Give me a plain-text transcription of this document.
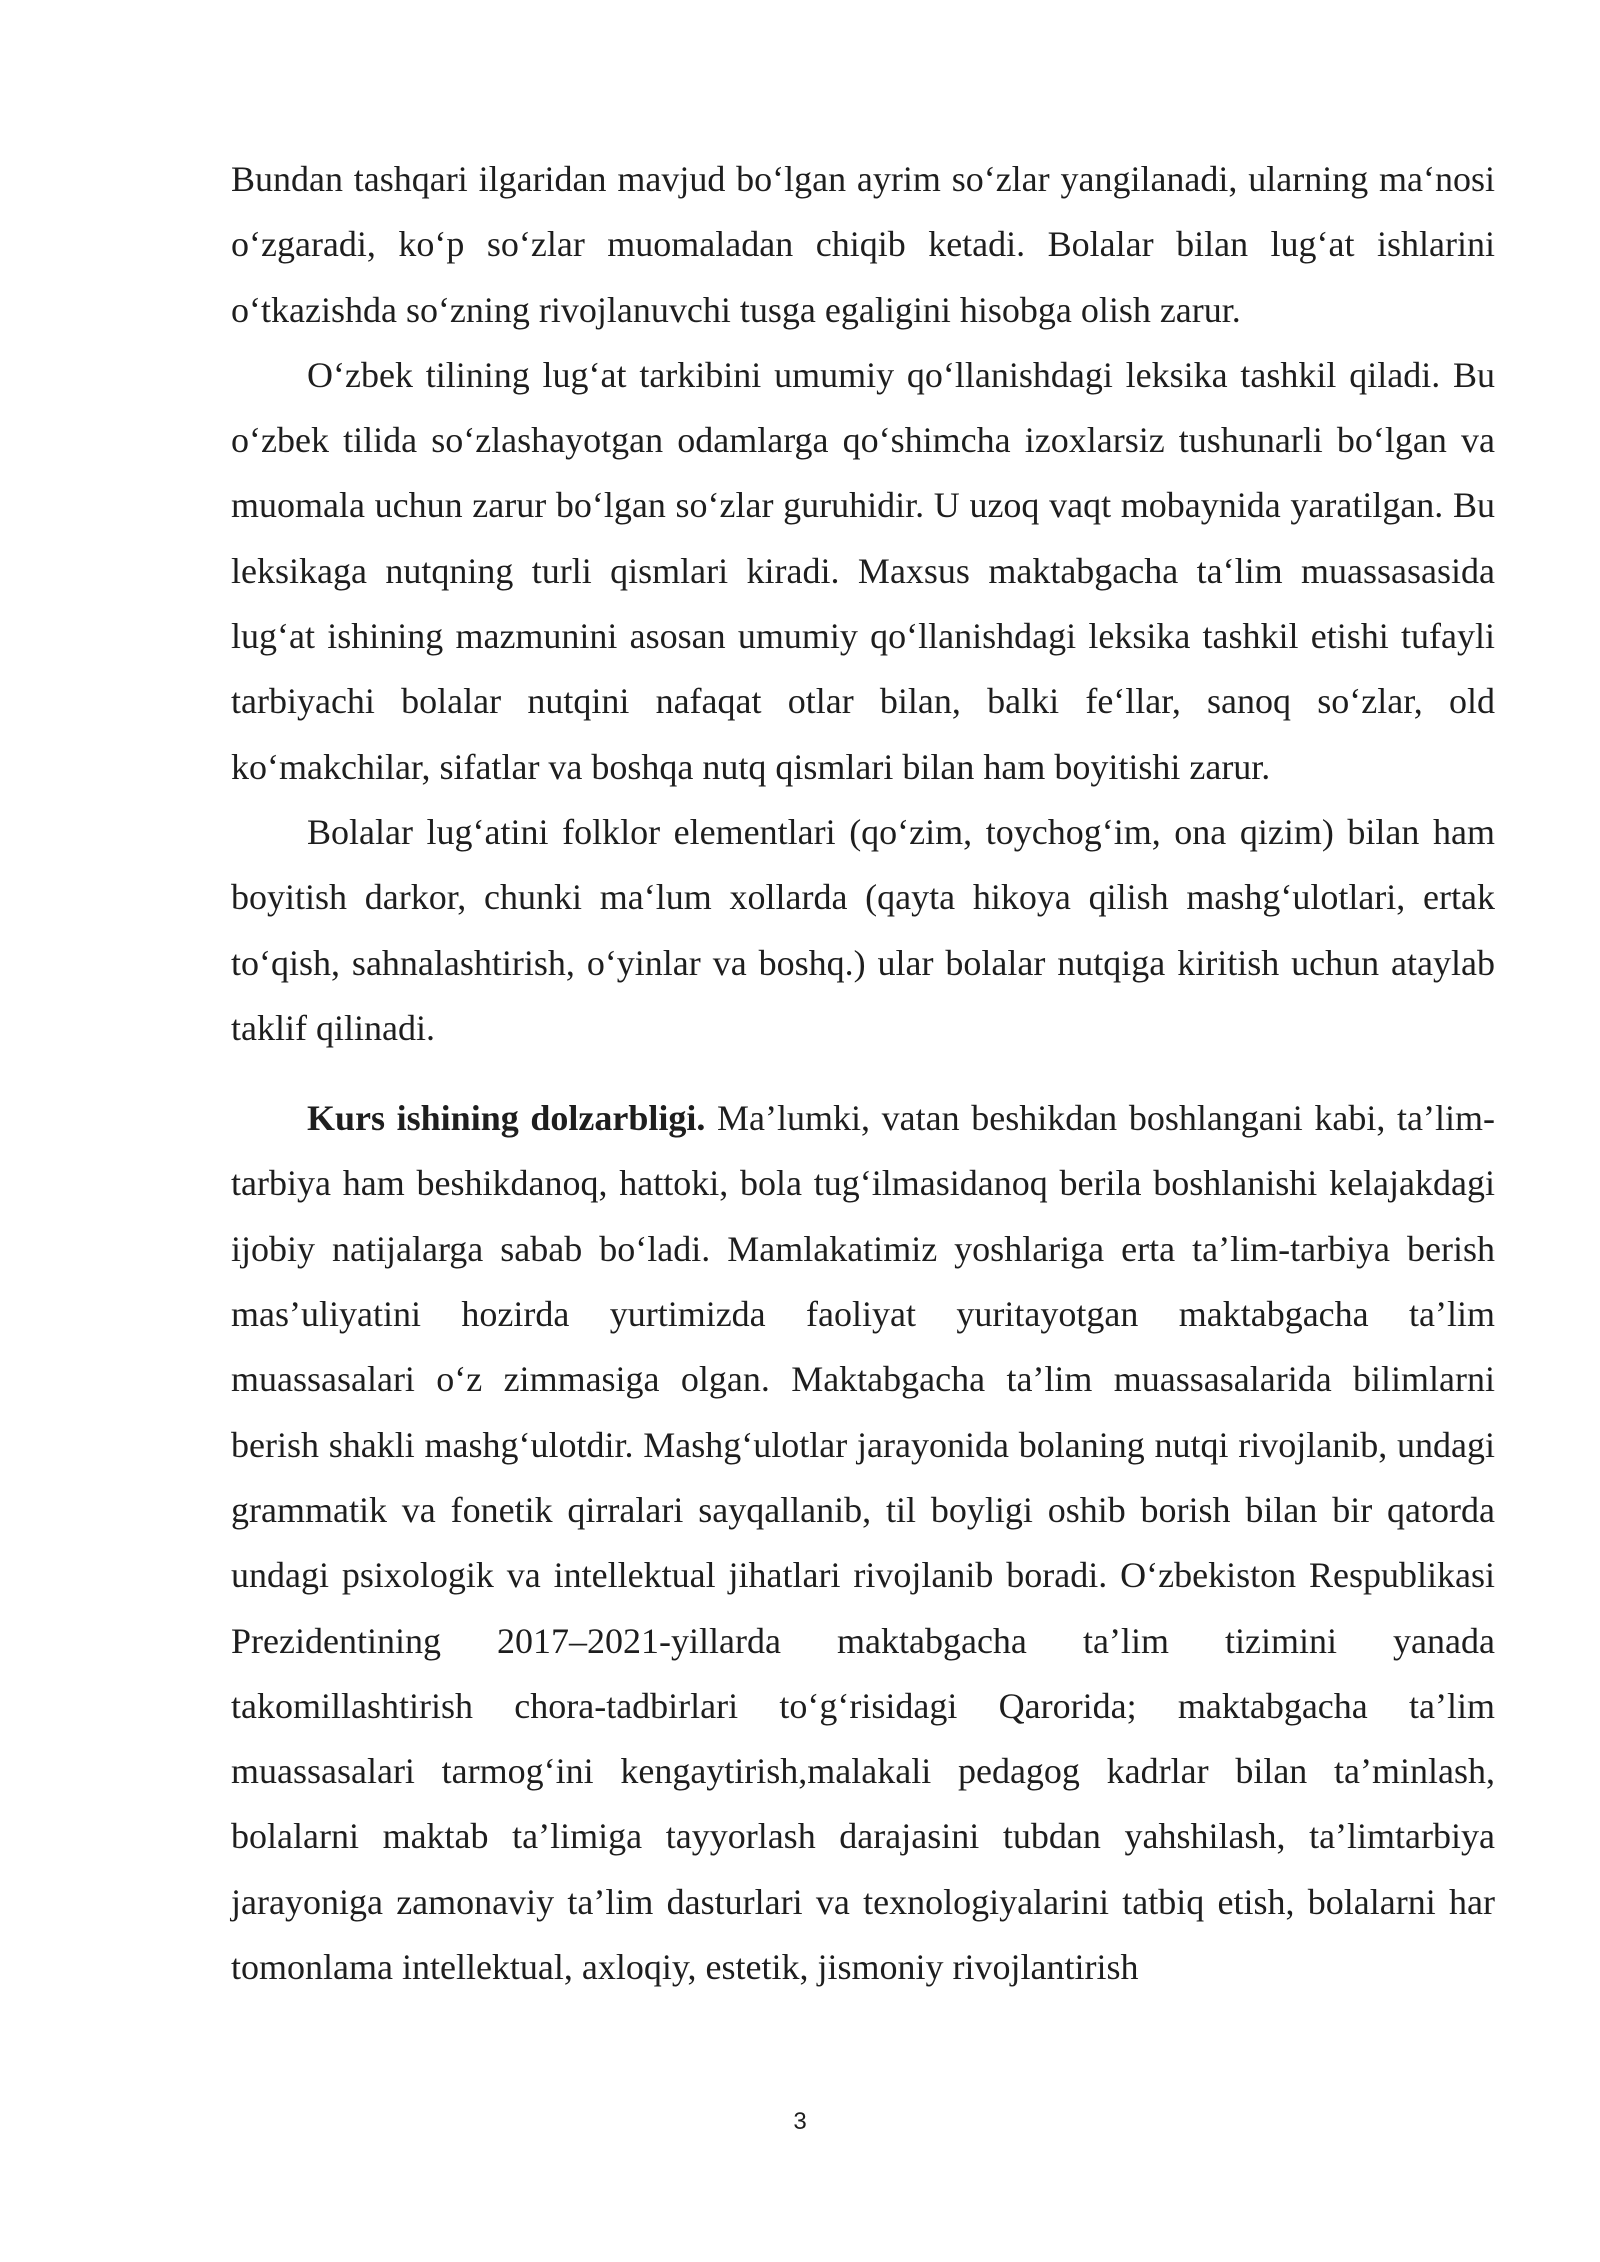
Bundan tashqari ilgaridan mavjud bo‘lgan ayrim so‘zlar yangilanadi, ularning ma‘nosi o‘zgaradi, ko‘p so‘zlar muomaladan chiqib ketadi. Bolalar bilan lug‘at ishlarini o‘tkazishda so‘zning rivojlanuvchi tusga egaligini hisobga olish zarur.

O‘zbek tilining lug‘at tarkibini umumiy qo‘llanishdagi leksika tashkil qiladi. Bu o‘zbek tilida so‘zlashayotgan odamlarga qo‘shimcha izoxlarsiz tushunarli bo‘lgan va muomala uchun zarur bo‘lgan so‘zlar guruhidir. U uzoq vaqt mobaynida yaratilgan. Bu leksikaga nutqning turli qismlari kiradi. Maxsus maktabgacha ta‘lim muassasasida lug‘at ishining mazmunini asosan umumiy qo‘llanishdagi leksika tashkil etishi tufayli tarbiyachi bolalar nutqini nafaqat otlar bilan, balki fe‘llar, sanoq so‘zlar, old ko‘makchilar, sifatlar va boshqa nutq qismlari bilan ham boyitishi zarur.

Bolalar lug‘atini folklor elementlari (qo‘zim, toychog‘im, ona qizim) bilan ham boyitish darkor, chunki ma‘lum xollarda (qayta hikoya qilish mashg‘ulotlari, ertak to‘qish, sahnalashtirish, o‘yinlar va boshq.) ular bolalar nutqiga kiritish uchun ataylab taklif qilinadi.

Kurs ishining dolzarbligi. Ma’lumki, vatan beshikdan boshlangani kabi, ta’lim-tarbiya ham beshikdanoq, hattoki, bola tug‘ilmasidanoq berila boshlanishi kelajakdagi ijobiy natijalarga sabab bo‘ladi. Mamlakatimiz yoshlariga erta ta’lim-tarbiya berish mas’uliyatini hozirda yurtimizda faoliyat yuritayotgan maktabgacha ta’lim muassasalari o‘z zimmasiga olgan. Maktabgacha ta’lim muassasalarida bilimlarni berish shakli mashg‘ulotdir. Mashg‘ulotlar jarayonida bolaning nutqi rivojlanib, undagi grammatik va fonetik qirralari sayqallanib, til boyligi oshib borish bilan bir qatorda undagi psixologik va intellektual jihatlari rivojlanib boradi. O‘zbekiston Respublikasi Prezidentining 2017–2021-yillarda maktabgacha ta’lim tizimini yanada takomillashtirish chora-tadbirlari to‘g‘risidagi Qarorida; maktabgacha ta’lim muassasalari tarmog‘ini kengaytirish,malakali pedagog kadrlar bilan ta’minlash, bolalarni maktab ta’limiga tayyorlash darajasini tubdan yahshilash, ta’limtarbiya jarayoniga zamonaviy ta’lim dasturlari va texnologiyalarini tatbiq etish, bolalarni har tomonlama intellektual, axloqiy, estetik, jismoniy rivojlantirish

3
